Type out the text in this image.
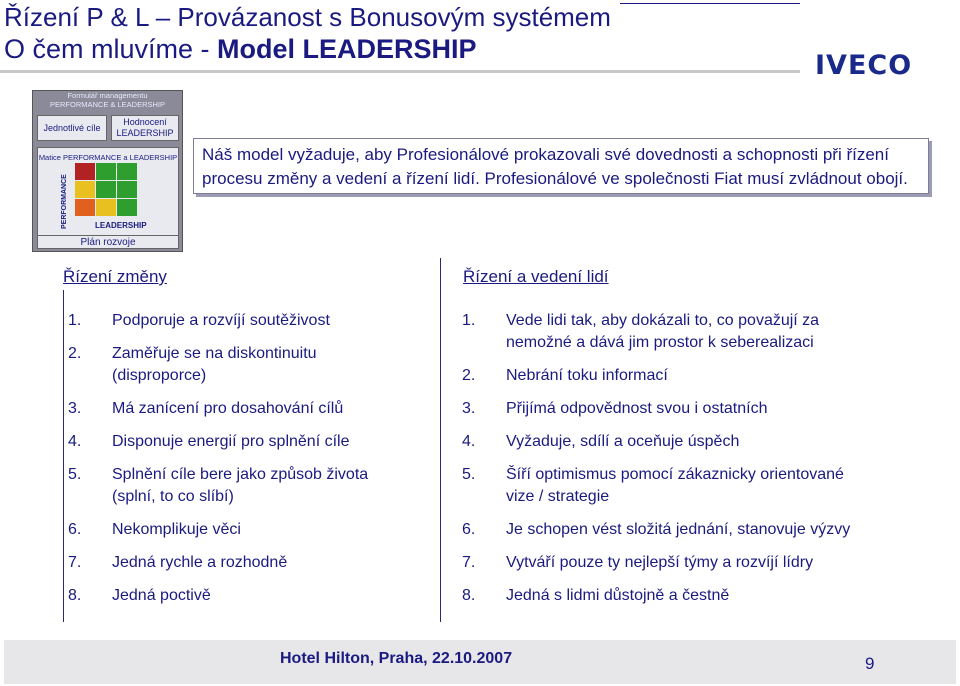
Řízení P & L – Provázanost s Bonusovým systémem
O čem mluvíme - Model LEADERSHIP
IVECO
Formulář managementu
PERFORMANCE & LEADERSHIP
Jednotlivé cíle
Hodnocení LEADERSHIP
Matice PERFORMANCE a LEADERSHIP
PERFORMANCE	LEADERSHIP
Plán rozvoje
Náš model vyžaduje, aby Profesionálové prokazovali své dovednosti a schopnosti při řízení procesu změny a vedení a řízení lidí. Profesionálové ve společnosti Fiat musí zvládnout obojí.
Řízení změny
1. Podporuje a rozvíjí soutěživost
2. Zaměřuje se na diskontinuitu
(disproporce)
3. Má zanícení pro dosahování cílů
4. Disponuje energií pro splnění cíle
5. Splnění cíle bere jako způsob života
(splní, to co slíbí)
6. Nekomplikuje věci
7. Jedná rychle a rozhodně
8. Jedná poctivě
Řízení a vedení lidí
1. Vede lidi tak, aby dokázali to, co považují za
nemožné a dává jim prostor k seberealizaci
2. Nebrání toku informací
3. Přijímá odpovědnost svou i ostatních
4. Vyžaduje, sdílí a oceňuje úspěch
5. Šíří optimismus pomocí zákaznicky orientované
vize / strategie
6. Je schopen vést složitá jednání, stanovuje výzvy
7. Vytváří pouze ty nejlepší týmy a rozvíjí lídry
8. Jedná s lidmi důstojně a čestně
Hotel Hilton, Praha, 22.10.2007	9
